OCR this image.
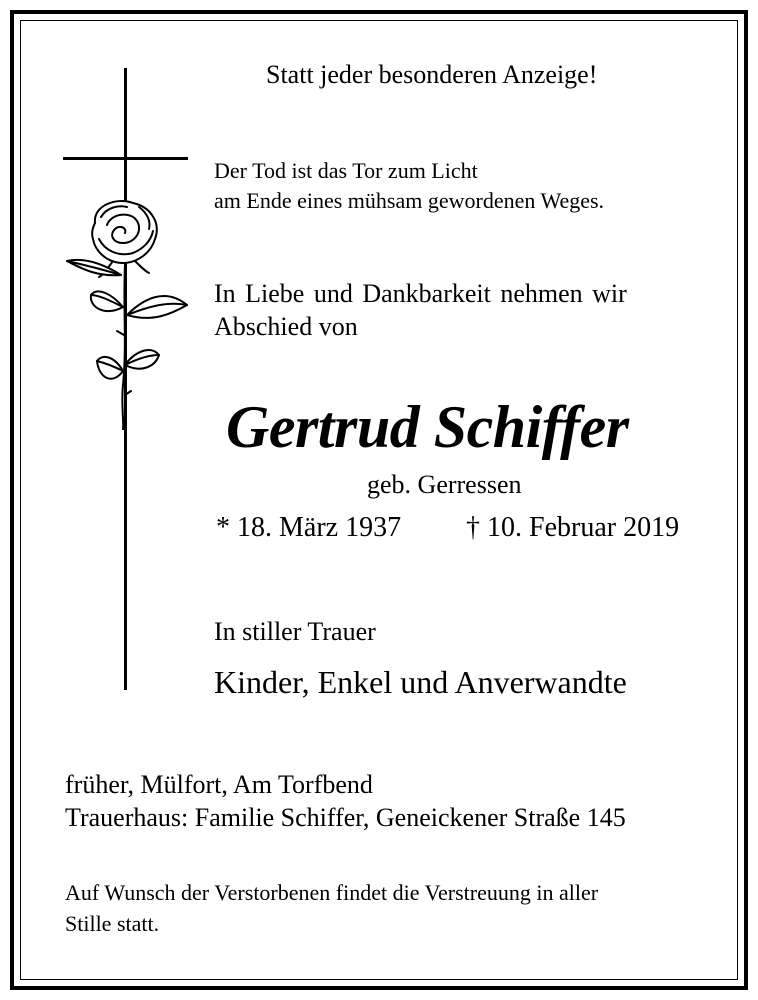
Statt jeder besonderen Anzeige!

Der Tod ist das Tor zum Licht

am Ende eines mühsam gewordenen Weges.

In Liebe und Dankbarkeit nehmen wir

Abschied von

Gertrud Schiffer

geb. Gerressen

* 18. März 1937 † 10. Februar 2019

In stiller Trauer

Kinder, Enkel und Anverwandte

früher, Mülfort, Am Torfbend

Trauerhaus: Familie Schiffer, Geneickener Straße 145

Auf Wunsch der Verstorbenen findet die Verstreuung in aller

Stille statt.
